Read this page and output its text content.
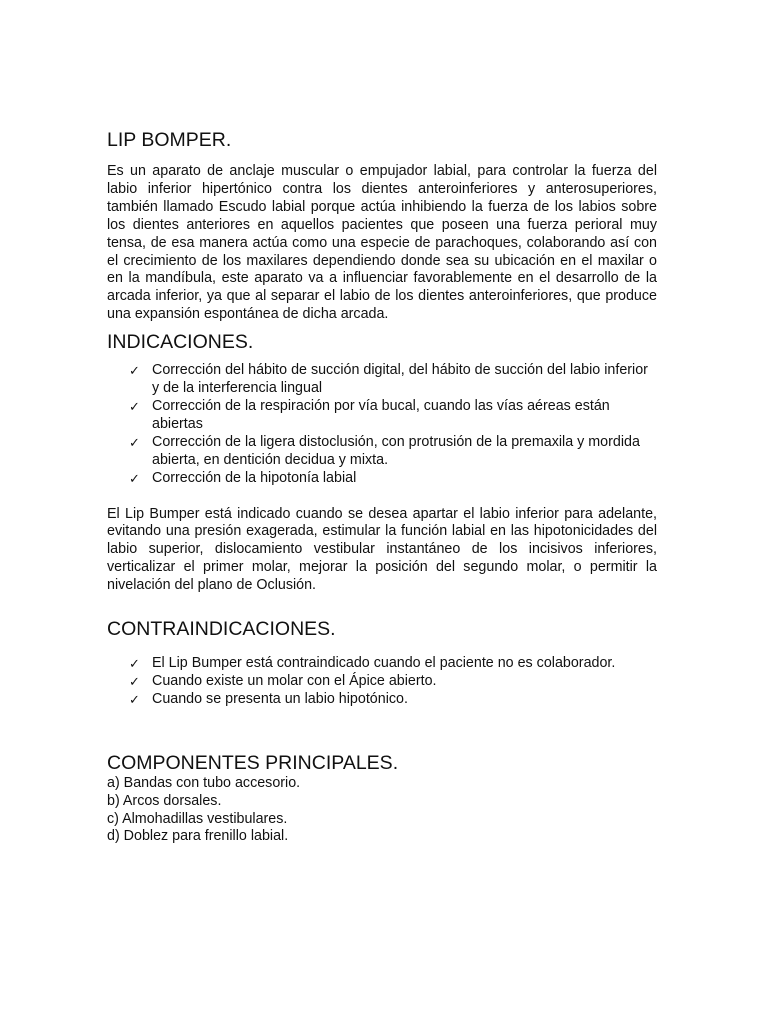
LIP BOMPER.

Es un aparato de anclaje muscular o empujador labial, para controlar la fuerza del labio inferior hipertónico contra los dientes anteroinferiores y anterosuperiores, también llamado Escudo labial porque actúa inhibiendo la fuerza de los labios sobre los dientes anteriores en aquellos pacientes que poseen una fuerza perioral muy tensa, de esa manera actúa como una especie de parachoques, colaborando así con el crecimiento de los maxilares dependiendo donde sea su ubicación en el maxilar o en la mandíbula, este aparato va a influenciar favorablemente en el desarrollo de la arcada inferior, ya que al separar el labio de los dientes anteroinferiores, que produce una expansión espontánea de dicha arcada.

INDICACIONES.
✓ Corrección del hábito de succión digital, del hábito de succión del labio inferior y de la interferencia lingual
✓ Corrección de la respiración por vía bucal, cuando las vías aéreas están abiertas
✓ Corrección de la ligera distoclusión, con protrusión de la premaxila y mordida abierta, en dentición decidua y mixta.
✓ Corrección de la hipotonía labial

El Lip Bumper está indicado cuando se desea apartar el labio inferior para adelante, evitando una presión exagerada, estimular la función labial en las hipotonicidades del labio superior, dislocamiento vestibular instantáneo de los incisivos inferiores, verticalizar el primer molar, mejorar la posición del segundo molar, o permitir la nivelación del plano de Oclusión.

CONTRAINDICACIONES.
✓ El Lip Bumper está contraindicado cuando el paciente no es colaborador.
✓ Cuando existe un molar con el Ápice abierto.
✓ Cuando se presenta un labio hipotónico.
COMPONENTES PRINCIPALES.
a) Bandas con tubo accesorio.
b) Arcos dorsales.
c) Almohadillas vestibulares.
d) Doblez para frenillo labial.
